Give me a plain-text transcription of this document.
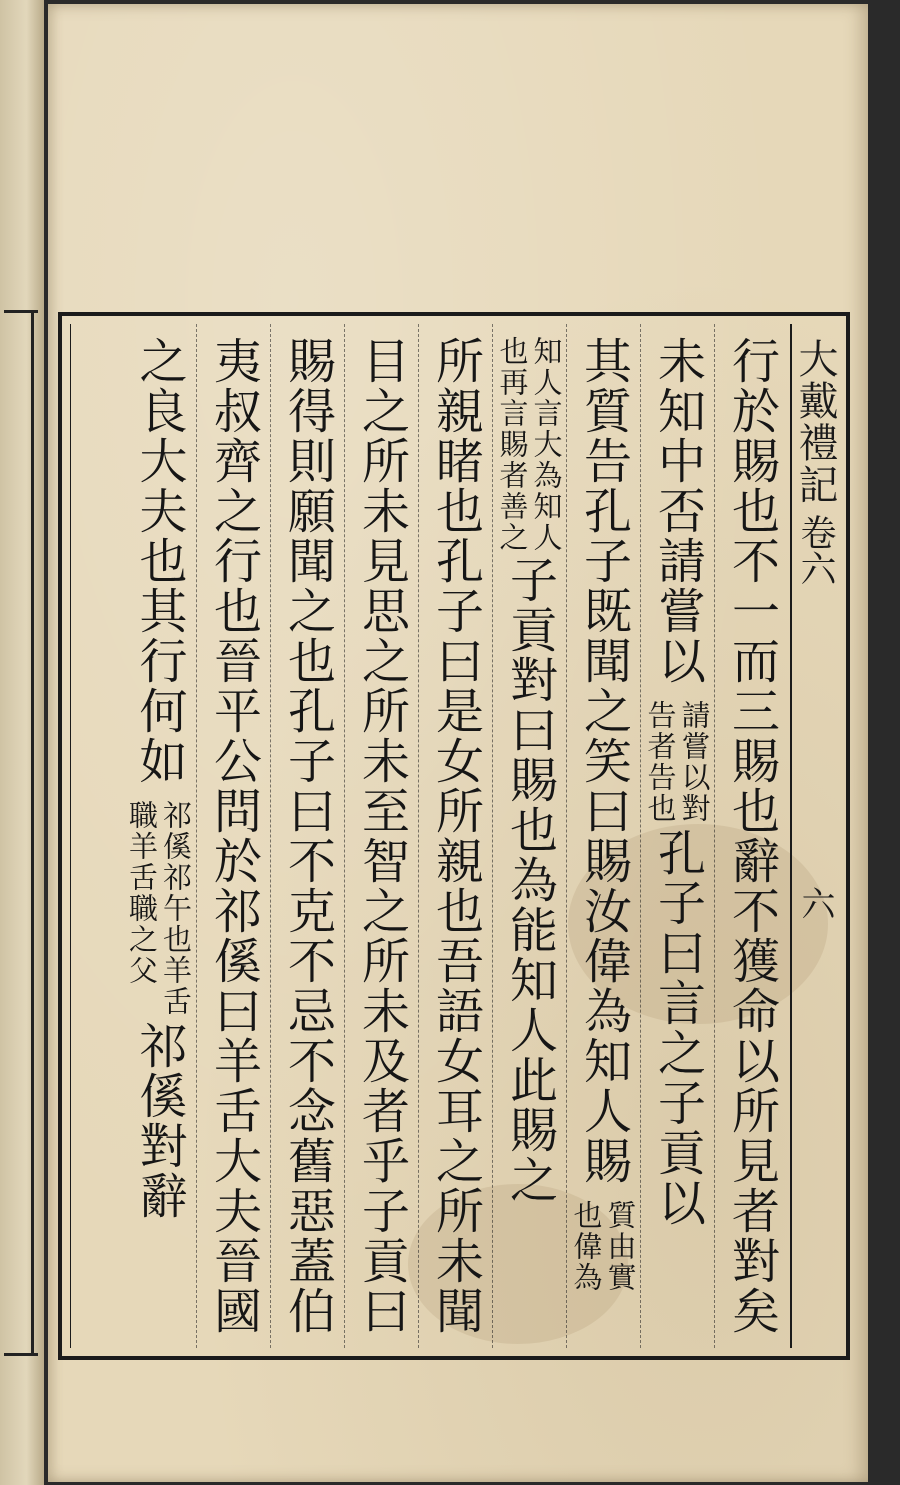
大戴禮記
卷六
六
行於賜也不一而三賜也辭不獲命以所見者對矣
未知中否請嘗以
請嘗以對
告者告也
孔子曰言之子貢以
其質告孔子既聞之笑曰賜汝偉為知人賜
質由實
也偉為
知人言大為知人
也再言賜者善之
子貢對曰賜也為能知人此賜之
所親睹也孔子曰是女所親也吾語女耳之所未聞
目之所未見思之所未至智之所未及者乎子貢曰
賜得則願聞之也孔子曰不克不忌不念舊惡蓋伯
夷叔齊之行也晉平公問於祁傒曰羊舌大夫晉國
之良大夫也其行何如
祁傒祁午也羊舌
職羊舌職之父
祁傒對辭
